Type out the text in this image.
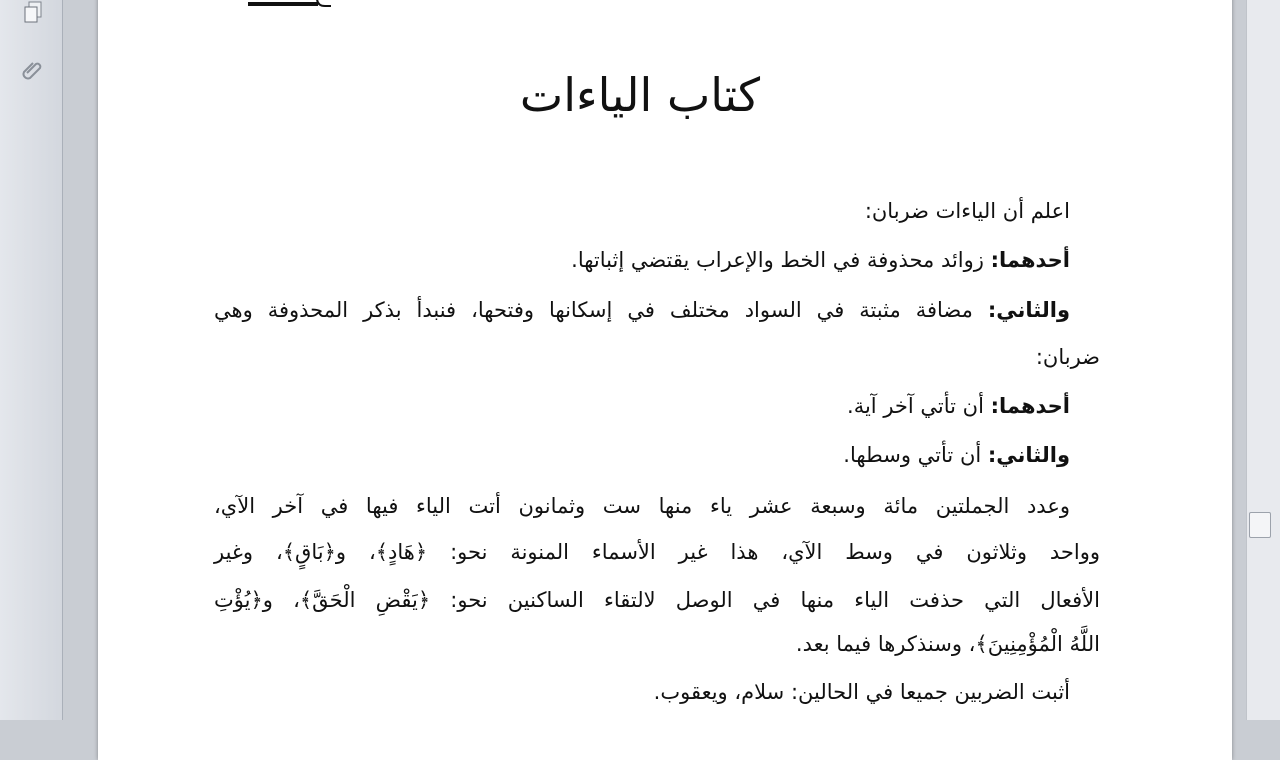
كتاب الياءات
اعلم أن الياءات ضربان:
أحدهما: زوائد محذوفة في الخط والإعراب يقتضي إثباتها.
والثاني: مضافة مثبتة في السواد مختلف في إسكانها وفتحها، فنبدأ بذكر المحذوفة وهي
ضربان:
أحدهما: أن تأتي آخر آية.
والثاني: أن تأتي وسطها.
وعدد الجملتين مائة وسبعة عشر ياء منها ست وثمانون أتت الياء فيها في آخر الآي،
وواحد وثلاثون في وسط الآي، هذا غير الأسماء المنونة نحو: ﴿هَادٍ﴾، و﴿بَاقٍ﴾، وغير
الأفعال التي حذفت الياء منها في الوصل لالتقاء الساكنين نحو: ﴿يَقْضِ الْحَقَّ﴾، و﴿يُؤْتِ
اللَّهُ الْمُؤْمِنِينَ﴾، وسنذكرها فيما بعد.
أثبت الضربين جميعا في الحالين: سلام، ويعقوب.
